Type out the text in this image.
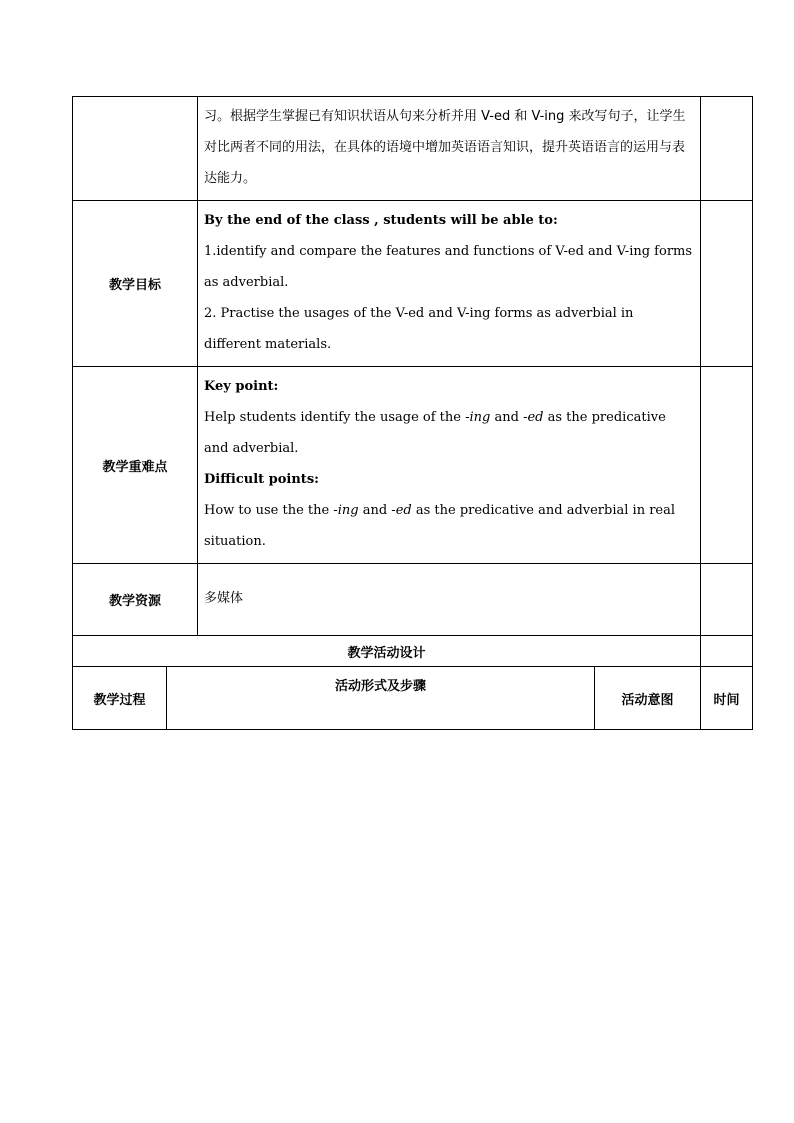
		习。根据学生掌握已有知识状语从句来分析并用 V-ed 和 V-ing 来改写句子，让学生对比两者不同的用法，在具体的语境中增加英语语言知识，提升英语语言的运用与表达能力。		
教学目标		By the end of the class , students will be able to:
1.identify and compare the features and functions of V-ed and V-ing forms as adverbial.
2. Practise the usages of the V-ed and V-ing forms as adverbial in different materials.		

教学重难点		Key point:
Help students identify the usage of the -ing and -ed as the predicative and adverbial.
Difficult points:
How to use the the -ing and -ed as the predicative and adverbial in real situation.		

教学资源		多媒体		
教学活动设计				
教学过程	活动形式及步骤		活动意图	时间
